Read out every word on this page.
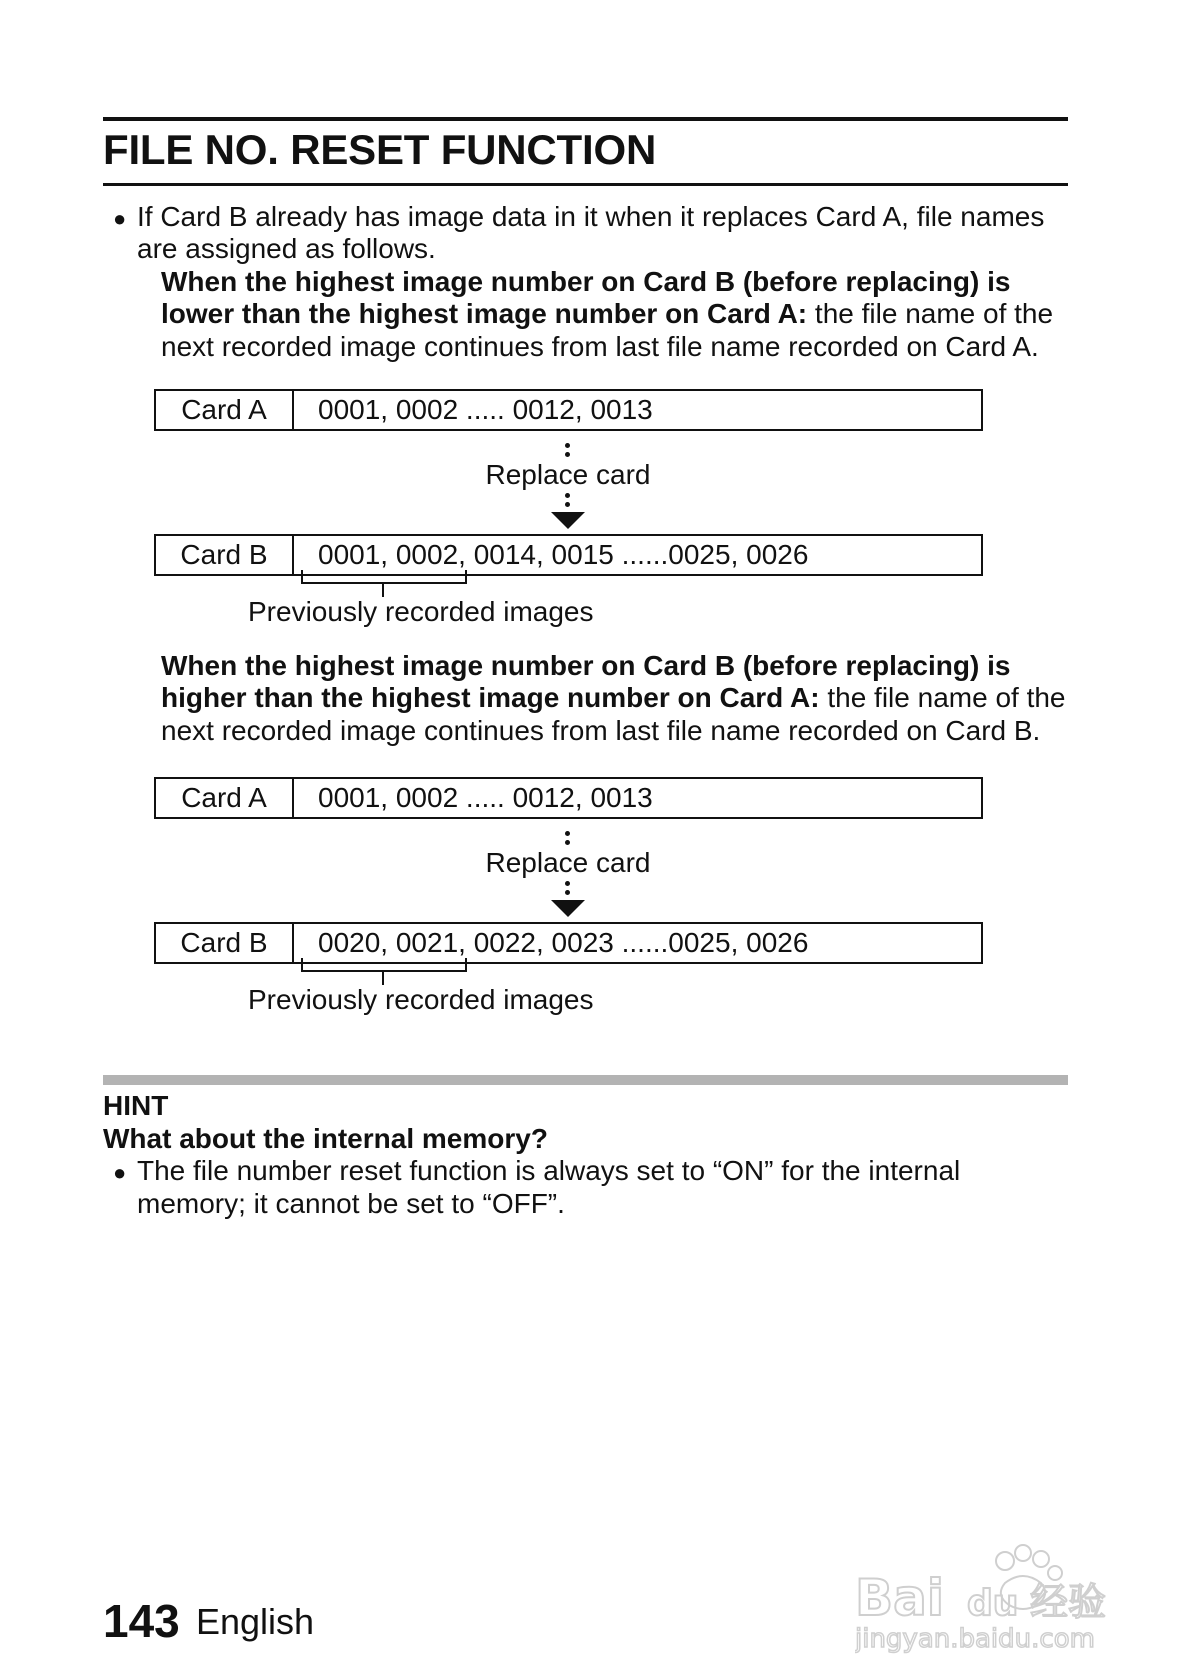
FILE NO. RESET FUNCTION
● If Card B already has image data in it when it replaces Card A, file names
are assigned as follows.
When the highest image number on Card B (before replacing) is
lower than the highest image number on Card A: the file name of the
next recorded image continues from last file name recorded on Card A.
Card A	0001, 0002 ..... 0012, 0013
Replace card
Card B	0001, 0002, 0014, 0015 ......0025, 0026
Previously recorded images
When the highest image number on Card B (before replacing) is
higher than the highest image number on Card A: the file name of the
next recorded image continues from last file name recorded on Card B.
Card A	0001, 0002 ..... 0012, 0013
Replace card
Card B	0020, 0021, 0022, 0023 ......0025, 0026
Previously recorded images
HINT
What about the internal memory?
● The file number reset function is always set to “ON” for the internal
memory; it cannot be set to “OFF”.
143 English	Bai du 经验
jingyan.baidu.com
